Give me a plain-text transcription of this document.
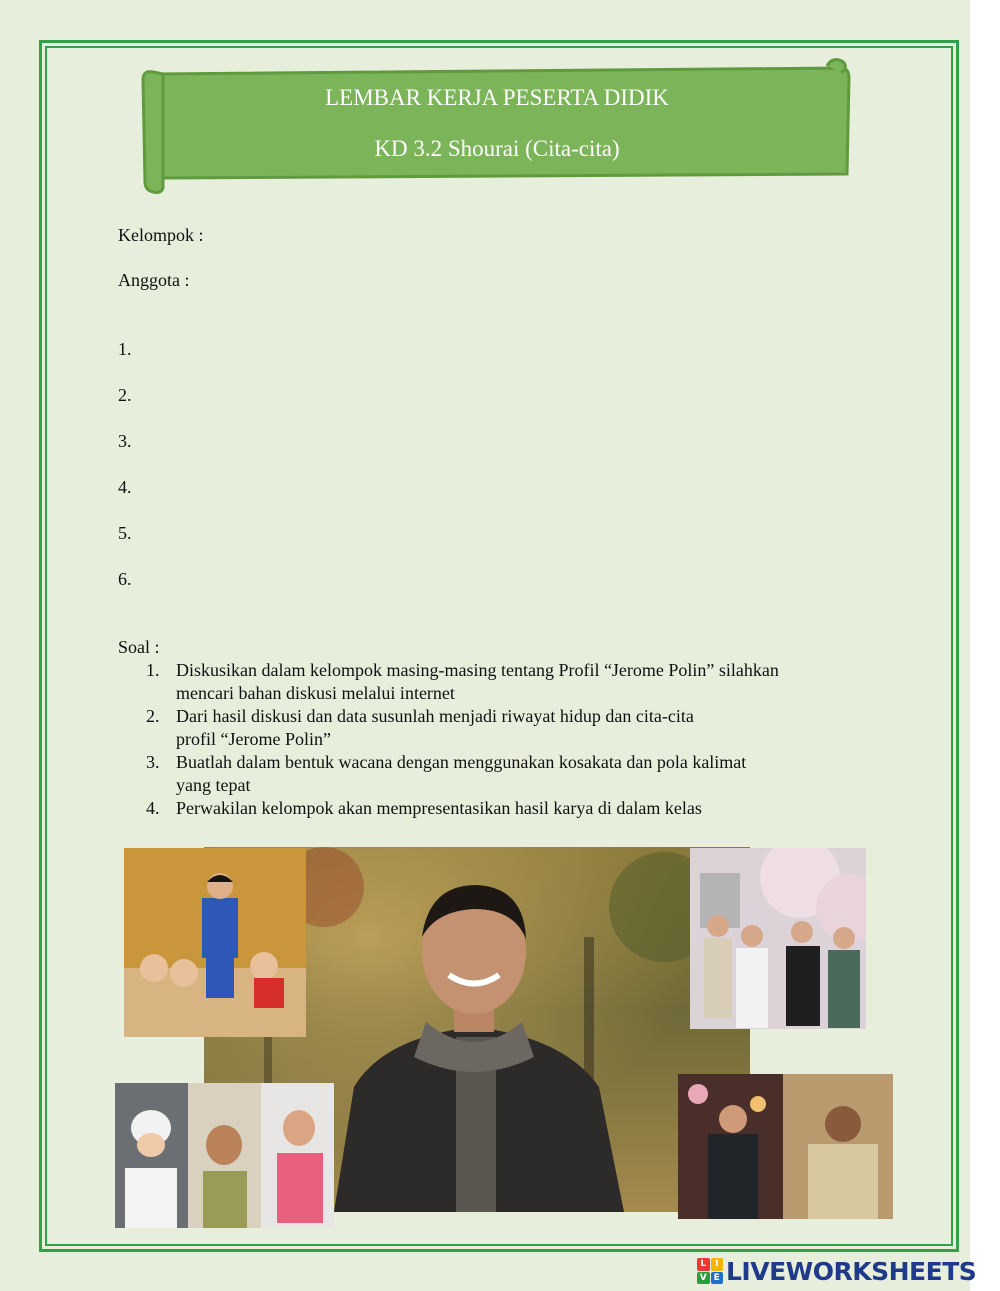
LEMBAR KERJA PESERTA DIDIK
KD 3.2 Shourai (Cita-cita)
Kelompok :
Anggota :
1.
2.
3.
4.
5.
6.
Soal :
1. Diskusikan dalam kelompok masing-masing tentang Profil “Jerome Polin” silahkan
mencari bahan diskusi melalui internet
2. Dari hasil diskusi dan data susunlah menjadi riwayat hidup dan cita-cita
profil “Jerome Polin”
3. Buatlah dalam bentuk wacana dengan menggunakan kosakata dan pola kalimat
yang tepat
4. Perwakilan kelompok akan mempresentasikan hasil karya di dalam kelas
L I
V E LIVEWORKSHEETS
